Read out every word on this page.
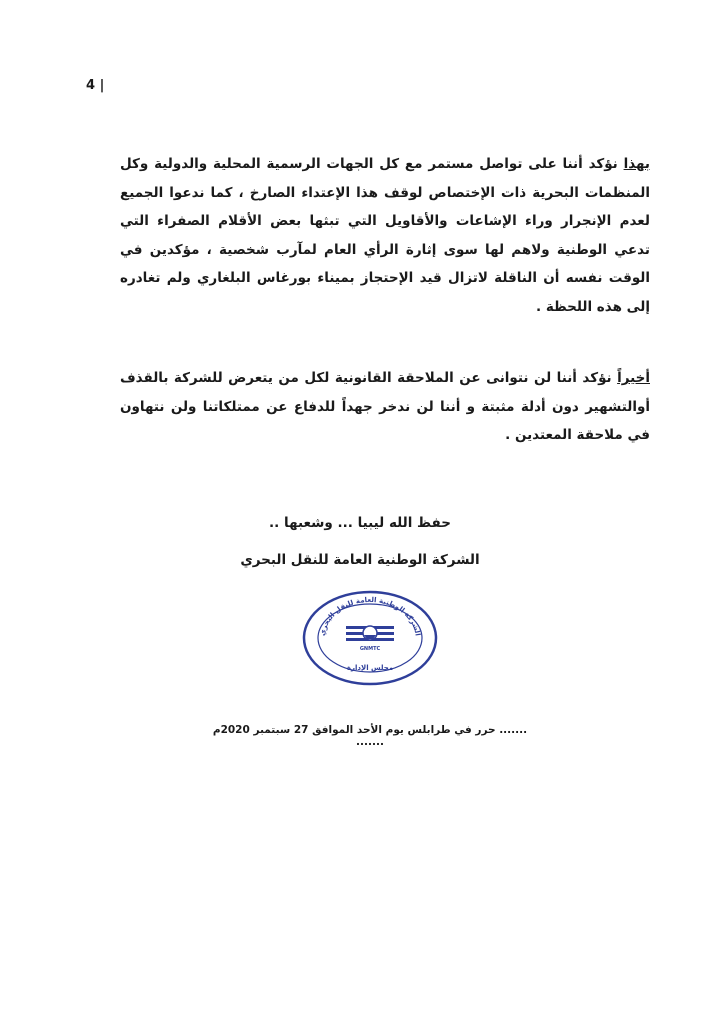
4 |
بهذا نؤكد أننا على تواصل مستمر مع كل الجهات الرسمية المحلية والدولية وكل المنظمات البحرية ذات الإختصاص لوقف هذا الإعتداء الصارخ ، كما ندعوا الجميع لعدم الإنجرار وراء الإشاعات والأقاويل التي تبثها بعض الأقلام الصفراء التي تدعي الوطنية ولاهم لها سوى إثارة الرأي العام لمآرب شخصية ، مؤكدين في الوقت نفسه أن الناقلة لاتزال قيد الإحتجاز بميناء بورغاس البلغاري ولم تغادره إلى هذه اللحظة .
أخيراً نؤكد أننا لن نتوانى عن الملاحقة القانونية لكل من يتعرض للشركة بالقذف أوالتشهير دون أدلة مثبتة و أننا لن ندخر جهداً للدفاع عن ممتلكاتنا ولن نتهاون في ملاحقة المعتدين .
حفظ الله ليبيا ... وشعبها ..
الشركة الوطنية العامة للنقل البحري
الشركة الوطنية العامة للنقل البحري
GNMTC
مجلس الإدارة
....... حرر في طرابلس يوم الأحد الموافق 27 سبتمبر 2020م .......
